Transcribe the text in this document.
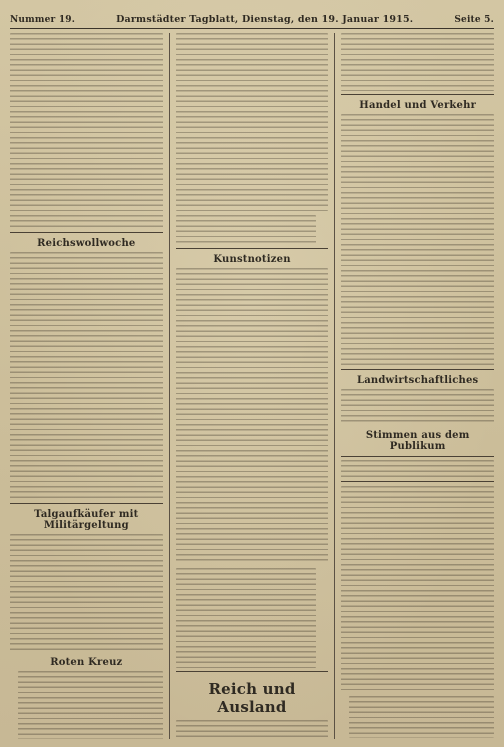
Nummer 19.	Darmstädter Tagblatt, Dienstag, den 19. Januar 1915.	Seite 5.
Reichswollwoche
Talgaufkäufer mit Militärgeltung
Roten Kreuz
Kunstnotizen
Reich und Ausland
Handel und Verkehr
Landwirtschaftliches
Stimmen aus dem Publikum
